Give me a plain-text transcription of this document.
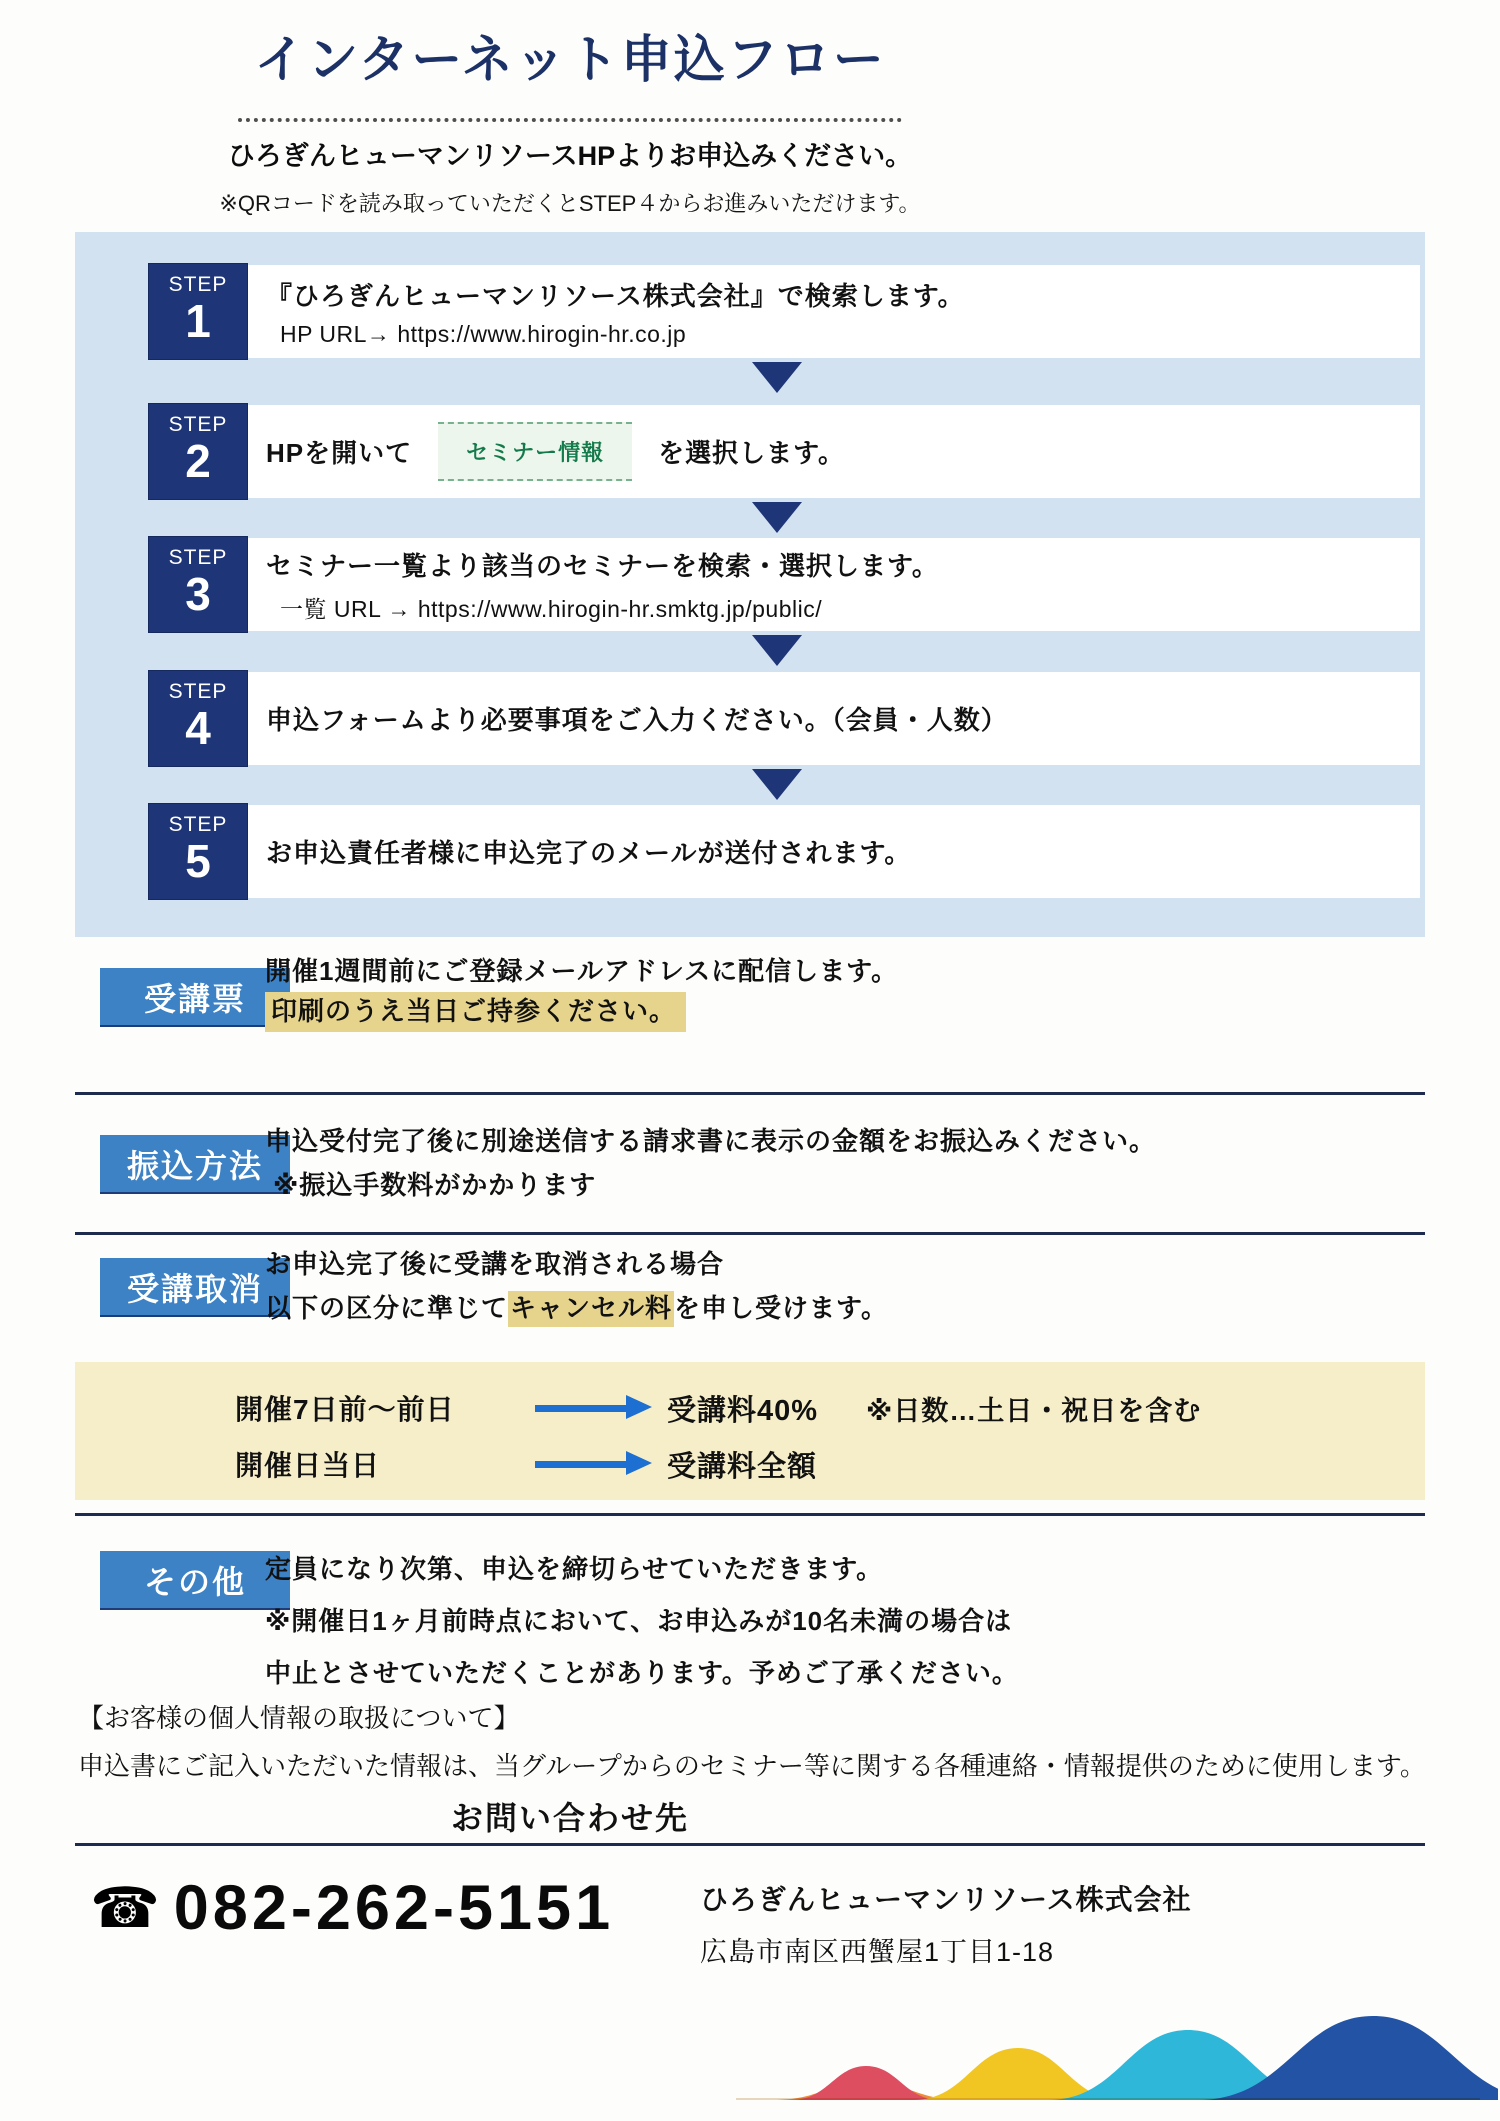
インターネット申込フロー
ひろぎんヒューマンリソースHPよりお申込みください。
※QRコードを読み取っていただくとSTEP４からお進みいただけます。
『ひろぎんヒューマンリソース株式会社』で検索します。
HP URL→ https://www.hirogin-hr.co.jp
STEP
1
HPを開いて	セミナー情報	を選択します。
STEP
2
セミナー一覧より該当のセミナーを検索・選択します。
一覧 URL → https://www.hirogin-hr.smktg.jp/public/
STEP
3
申込フォームより必要事項をご入力ください。（会員・人数）
STEP
4
お申込責任者様に申込完了のメールが送付されます。
STEP
5
受講票
開催1週間前にご登録メールアドレスに配信します。
印刷のうえ当日ご持参ください。
振込方法
申込受付完了後に別途送信する請求書に表示の金額をお振込みください。
※振込手数料がかかります
受講取消
お申込完了後に受講を取消される場合
以下の区分に準じてキャンセル料を申し受けます。
開催7日前～前日	受講料40% ※日数…土日・祝日を含む
開催日当日	受講料全額
その他 定員になり次第、申込を締切らせていただきます。
※開催日1ヶ月前時点において、お申込みが10名未満の場合は
中止とさせていただくことがあります。予めご了承ください。
【お客様の個人情報の取扱について】
申込書にご記入いただいた情報は、当グループからのセミナー等に関する各種連絡・情報提供のために使用します。
お問い合わせ先
☎ 082-262-5151	ひろぎんヒューマンリソース株式会社
広島市南区西蟹屋1丁目1-18
